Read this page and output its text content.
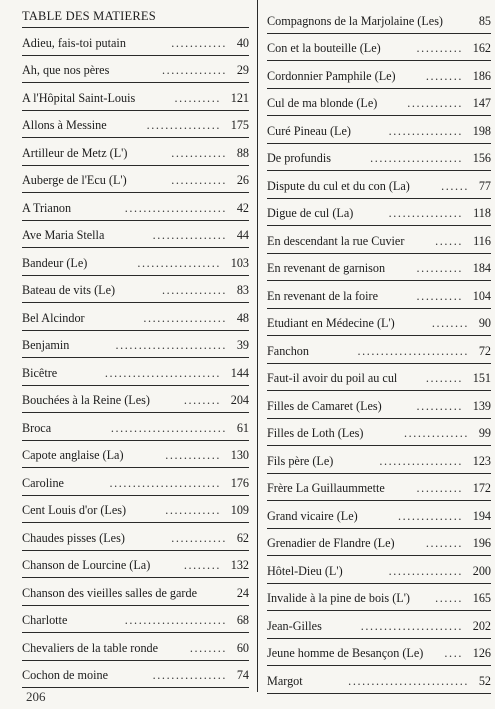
TABLE DES MATIERES
Adieu, fais-toi putain	............ 40
Ah, que nos pères	.............. 29
A l'Hôpital Saint-Louis	.......... 121
Allons à Messine	................ 175
Artilleur de Metz (L')	............ 88
Auberge de l'Ecu (L')	............ 26
A Trianon	...................... 42
Ave Maria Stella	................ 44
Bandeur (Le)	.................. 103
Bateau de vits (Le)	.............. 83
Bel Alcindor	.................. 48
Benjamin	........................ 39
Bicêtre	......................... 144
Bouchées à la Reine (Les)	........ 204
Broca	......................... 61
Capote anglaise (La)	............ 130
Caroline	........................ 176
Cent Louis d'or (Les)	............ 109
Chaudes pisses (Les)	............ 62
Chanson de Lourcine (La)	........ 132
Chanson des vieilles salles de garde	24
Charlotte	...................... 68
Chevaliers de la table ronde	........ 60
Cochon de moine	................ 74
Compagnons de la Marjolaine (Les)	85
Con et la bouteille (Le)	.......... 162
Cordonnier Pamphile (Le)	........ 186
Cul de ma blonde (Le)	............ 147
Curé Pineau (Le)	................ 198
De profundis	.................... 156
Dispute du cul et du con (La)	...... 77
Digue de cul (La)	................ 118
En descendant la rue Cuvier	...... 116
En revenant de garnison	.......... 184
En revenant de la foire	.......... 104
Etudiant en Médecine (L')	........ 90
Fanchon	........................ 72
Faut-il avoir du poil au cul	........ 151
Filles de Camaret (Les)	.......... 139
Filles de Loth (Les)	.............. 99
Fils père (Le)	.................. 123
Frère La Guillaummette	.......... 172
Grand vicaire (Le)	.............. 194
Grenadier de Flandre (Le)	........ 196
Hôtel-Dieu (L')	................ 200
Invalide à la pine de bois (L')	...... 165
Jean-Gilles	...................... 202
Jeune homme de Besançon (Le)	.... 126
Margot	.......................... 52
206
